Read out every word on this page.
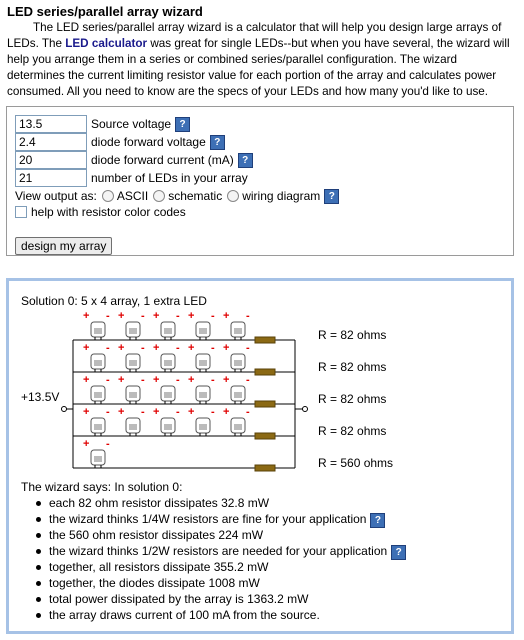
LED series/parallel array wizard
The LED series/parallel array wizard is a calculator that will help you design large arrays of LEDs. The LED calculator was great for single LEDs--but when you have several, the wizard will help you arrange them in a series or combined series/parallel configuration. The wizard determines the current limiting resistor value for each portion of the array and calculates power consumed. All you need to know are the specs of your LEDs and how many you'd like to use.
13.5
Source voltage ?
2.4
diode forward voltage ?
20
diode forward current (mA) ?
21
number of LEDs in your array
View output as: ASCII schematic wiring diagram ?
help with resistor color codes
design my array
Solution 0: 5 x 4 array, 1 extra LED
+ - + - + - + - + -
+ - + - + - + - + -
+ - + - + - + - + -
+ - + - + - + - + -
+ -
+13.5V
R = 82 ohms
R = 82 ohms
R = 82 ohms
R = 82 ohms
R = 560 ohms
The wizard says: In solution 0:
each 82 ohm resistor dissipates 32.8 mW
the wizard thinks 1/4W resistors are fine for your application ?
the 560 ohm resistor dissipates 224 mW
the wizard thinks 1/2W resistors are needed for your application ?
together, all resistors dissipate 355.2 mW
together, the diodes dissipate 1008 mW
total power dissipated by the array is 1363.2 mW
the array draws current of 100 mA from the source.
